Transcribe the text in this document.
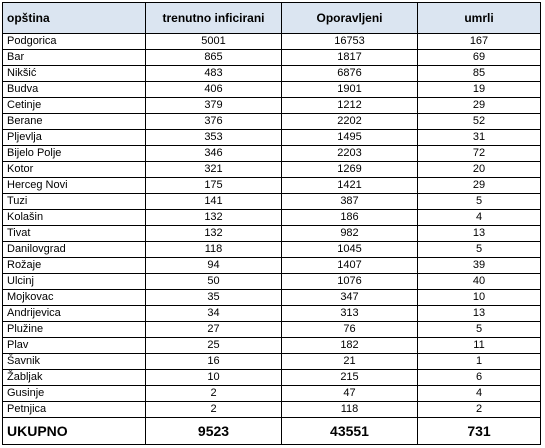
opština	trenutno inficirani	Oporavljeni	umrli
Podgorica	5001	16753	167
Bar	865	1817	69
Nikšić	483	6876	85
Budva	406	1901	19
Cetinje	379	1212	29
Berane	376	2202	52
Pljevlja	353	1495	31
Bijelo Polje	346	2203	72
Kotor	321	1269	20
Herceg Novi	175	1421	29
Tuzi	141	387	5
Kolašin	132	186	4
Tivat	132	982	13
Danilovgrad	118	1045	5
Rožaje	94	1407	39
Ulcinj	50	1076	40
Mojkovac	35	347	10
Andrijevica	34	313	13
Plužine	27	76	5
Plav	25	182	11
Šavnik	16	21	1
Žabljak	10	215	6
Gusinje	2	47	4
Petnjica	2	118	2
UKUPNO	9523	43551	731
